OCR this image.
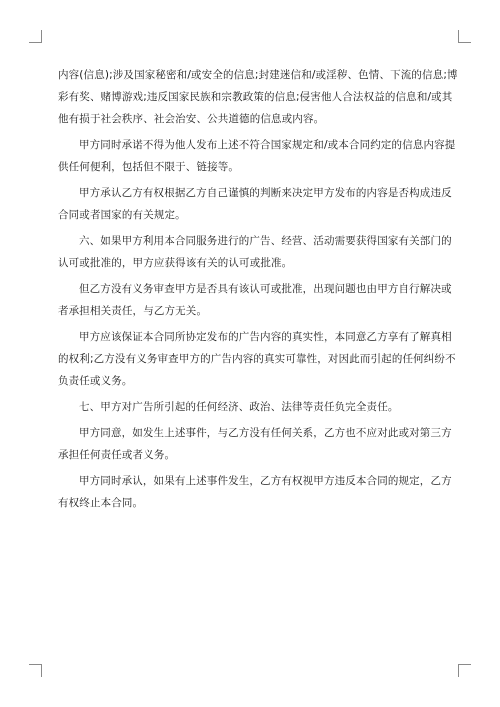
内容(信息);涉及国家秘密和/或安全的信息;封建迷信和/或淫秽、色情、下流的信息;博
彩有奖、赌博游戏;违反国家民族和宗教政策的信息;侵害他人合法权益的信息和/或其
他有损于社会秩序、社会治安、公共道德的信息或内容。
甲方同时承诺不得为他人发布上述不符合国家规定和/或本合同约定的信息内容提
供任何便利，包括但不限于、链接等。
甲方承认乙方有权根据乙方自己谨慎的判断来决定甲方发布的内容是否构成违反
合同或者国家的有关规定。
六、如果甲方利用本合同服务进行的广告、经营、活动需要获得国家有关部门的
认可或批准的，甲方应获得该有关的认可或批准。
但乙方没有义务审查甲方是否具有该认可或批准，出现问题也由甲方自行解决或
者承担相关责任，与乙方无关。
甲方应该保证本合同所协定发布的广告内容的真实性，本同意乙方享有了解真相
的权利;乙方没有义务审查甲方的广告内容的真实可靠性，对因此而引起的任何纠纷不
负责任或义务。
七、甲方对广告所引起的任何经济、政治、法律等责任负完全责任。
甲方同意，如发生上述事件，与乙方没有任何关系，乙方也不应对此或对第三方
承担任何责任或者义务。
甲方同时承认，如果有上述事件发生，乙方有权视甲方违反本合同的规定，乙方
有权终止本合同。
